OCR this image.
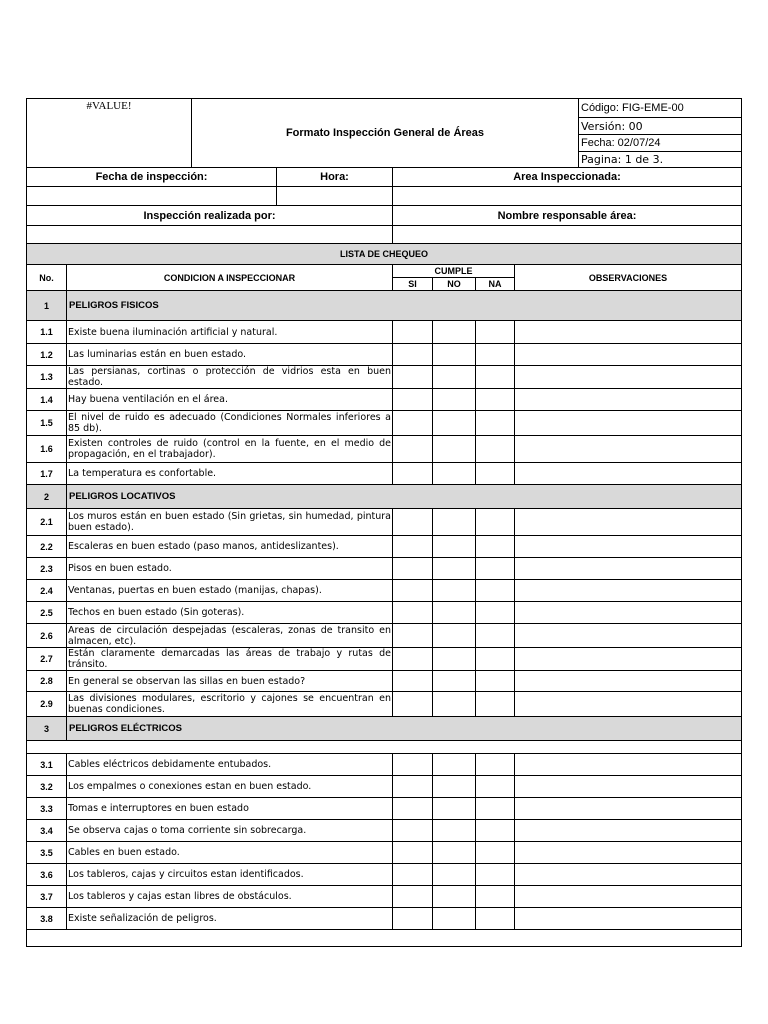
#VALUE!	Formato Inspección General de Áreas	Código: FIG-EME-00
Versión: 00
Fecha: 02/07/24
Pagina: 1 de 3.
Fecha de inspección:	Hora:	Area Inspeccionada:

Inspección realizada por:	Nombre responsable área:

LISTA DE CHEQUEO					
No.	CONDICION A INSPECCIONAR	CUMPLE			OBSERVACIONES
		SI	NO	NA	
1	PELIGROS FISICOS				
1.1	Existe buena iluminación artificial y natural.				
1.2	Las luminarias están en buen estado.				
1.3	Las persianas, cortinas o protección de vidrios esta en buen estado.				
1.4	Hay buena ventilación en el área.				
1.5	El nivel de ruido es adecuado (Condiciones Normales inferiores a 85 db).				
1.6	Existen controles de ruido (control en la fuente, en el medio de propagación, en el trabajador).				
1.7	La temperatura es confortable.				
2	PELIGROS LOCATIVOS				
2.1	Los muros están en buen estado (Sin grietas, sin humedad, pintura buen estado).				
2.2	Escaleras en buen estado (paso manos, antideslizantes).				
2.3	Pisos en buen estado.				
2.4	Ventanas, puertas en buen estado (manijas, chapas).				
2.5	Techos en buen estado (Sin goteras).				
2.6	Areas de circulación despejadas (escaleras, zonas de transito en almacen, etc).				
2.7	Están claramente demarcadas las áreas de trabajo y rutas de tránsito.				
2.8	En general se observan las sillas en buen estado?				
2.9	Las divisiones modulares, escritorio y cajones se encuentran en buenas condiciones.				
3	PELIGROS ELÉCTRICOS				

3.1	Cables eléctricos debidamente entubados.				
3.2	Los empalmes o conexiones estan en buen estado.				
3.3	Tomas e interruptores en buen estado				
3.4	Se observa cajas o toma corriente sin sobrecarga.				
3.5	Cables en buen estado.				
3.6	Los tableros, cajas y circuitos estan identificados.				
3.7	Los tableros y cajas estan libres de obstáculos.				
3.8	Existe señalización de peligros.				
